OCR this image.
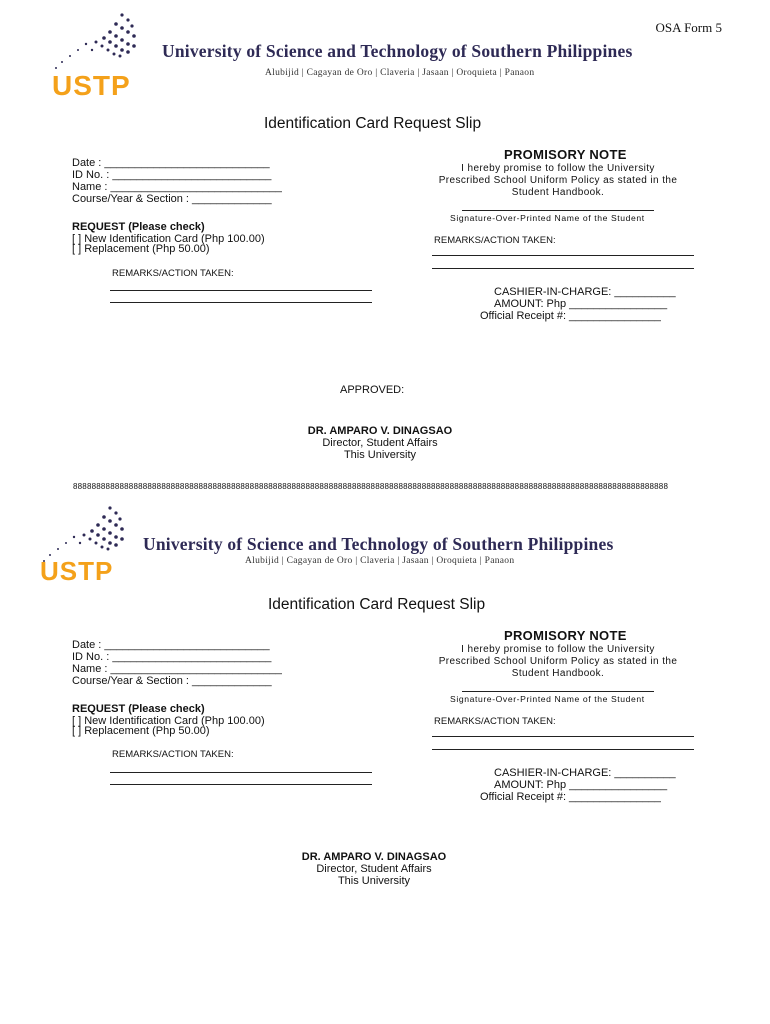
OSA Form 5
USTP
University of Science and Technology of Southern Philippines
Alubijid | Cagayan de Oro | Claveria | Jasaan | Oroquieta | Panaon
Identification Card Request Slip
Date : ___________________________
ID No. : __________________________
Name : ____________________________
Course/Year & Section : _____________
REQUEST (Please check)
[ ] New Identification Card (Php 100.00)
[ ] Replacement (Php 50.00)
REMARKS/ACTION TAKEN:
PROMISORY NOTE
I hereby promise to follow the University
Prescribed School Uniform Policy as stated in the
Student Handbook.
Signature-Over-Printed Name of the Student
REMARKS/ACTION TAKEN:
CASHIER-IN-CHARGE: __________
AMOUNT: Php ________________
Official Receipt #: _______________
APPROVED:
DR. AMPARO V. DINAGSAO
Director, Student Affairs
This University
88888888888888888888888888888888888888888888888888888888888888888888888888888888888888888888888888888888888888888888888888888888
USTP
University of Science and Technology of Southern Philippines
Alubijid | Cagayan de Oro | Claveria | Jasaan | Oroquieta | Panaon
Identification Card Request Slip
Date : ___________________________
ID No. : __________________________
Name : ____________________________
Course/Year & Section : _____________
REQUEST (Please check)
[ ] New Identification Card (Php 100.00)
[ ] Replacement (Php 50.00)
REMARKS/ACTION TAKEN:
PROMISORY NOTE
I hereby promise to follow the University
Prescribed School Uniform Policy as stated in the
Student Handbook.
Signature-Over-Printed Name of the Student
REMARKS/ACTION TAKEN:
CASHIER-IN-CHARGE: __________
AMOUNT: Php ________________
Official Receipt #: _______________
DR. AMPARO V. DINAGSAO
Director, Student Affairs
This University
